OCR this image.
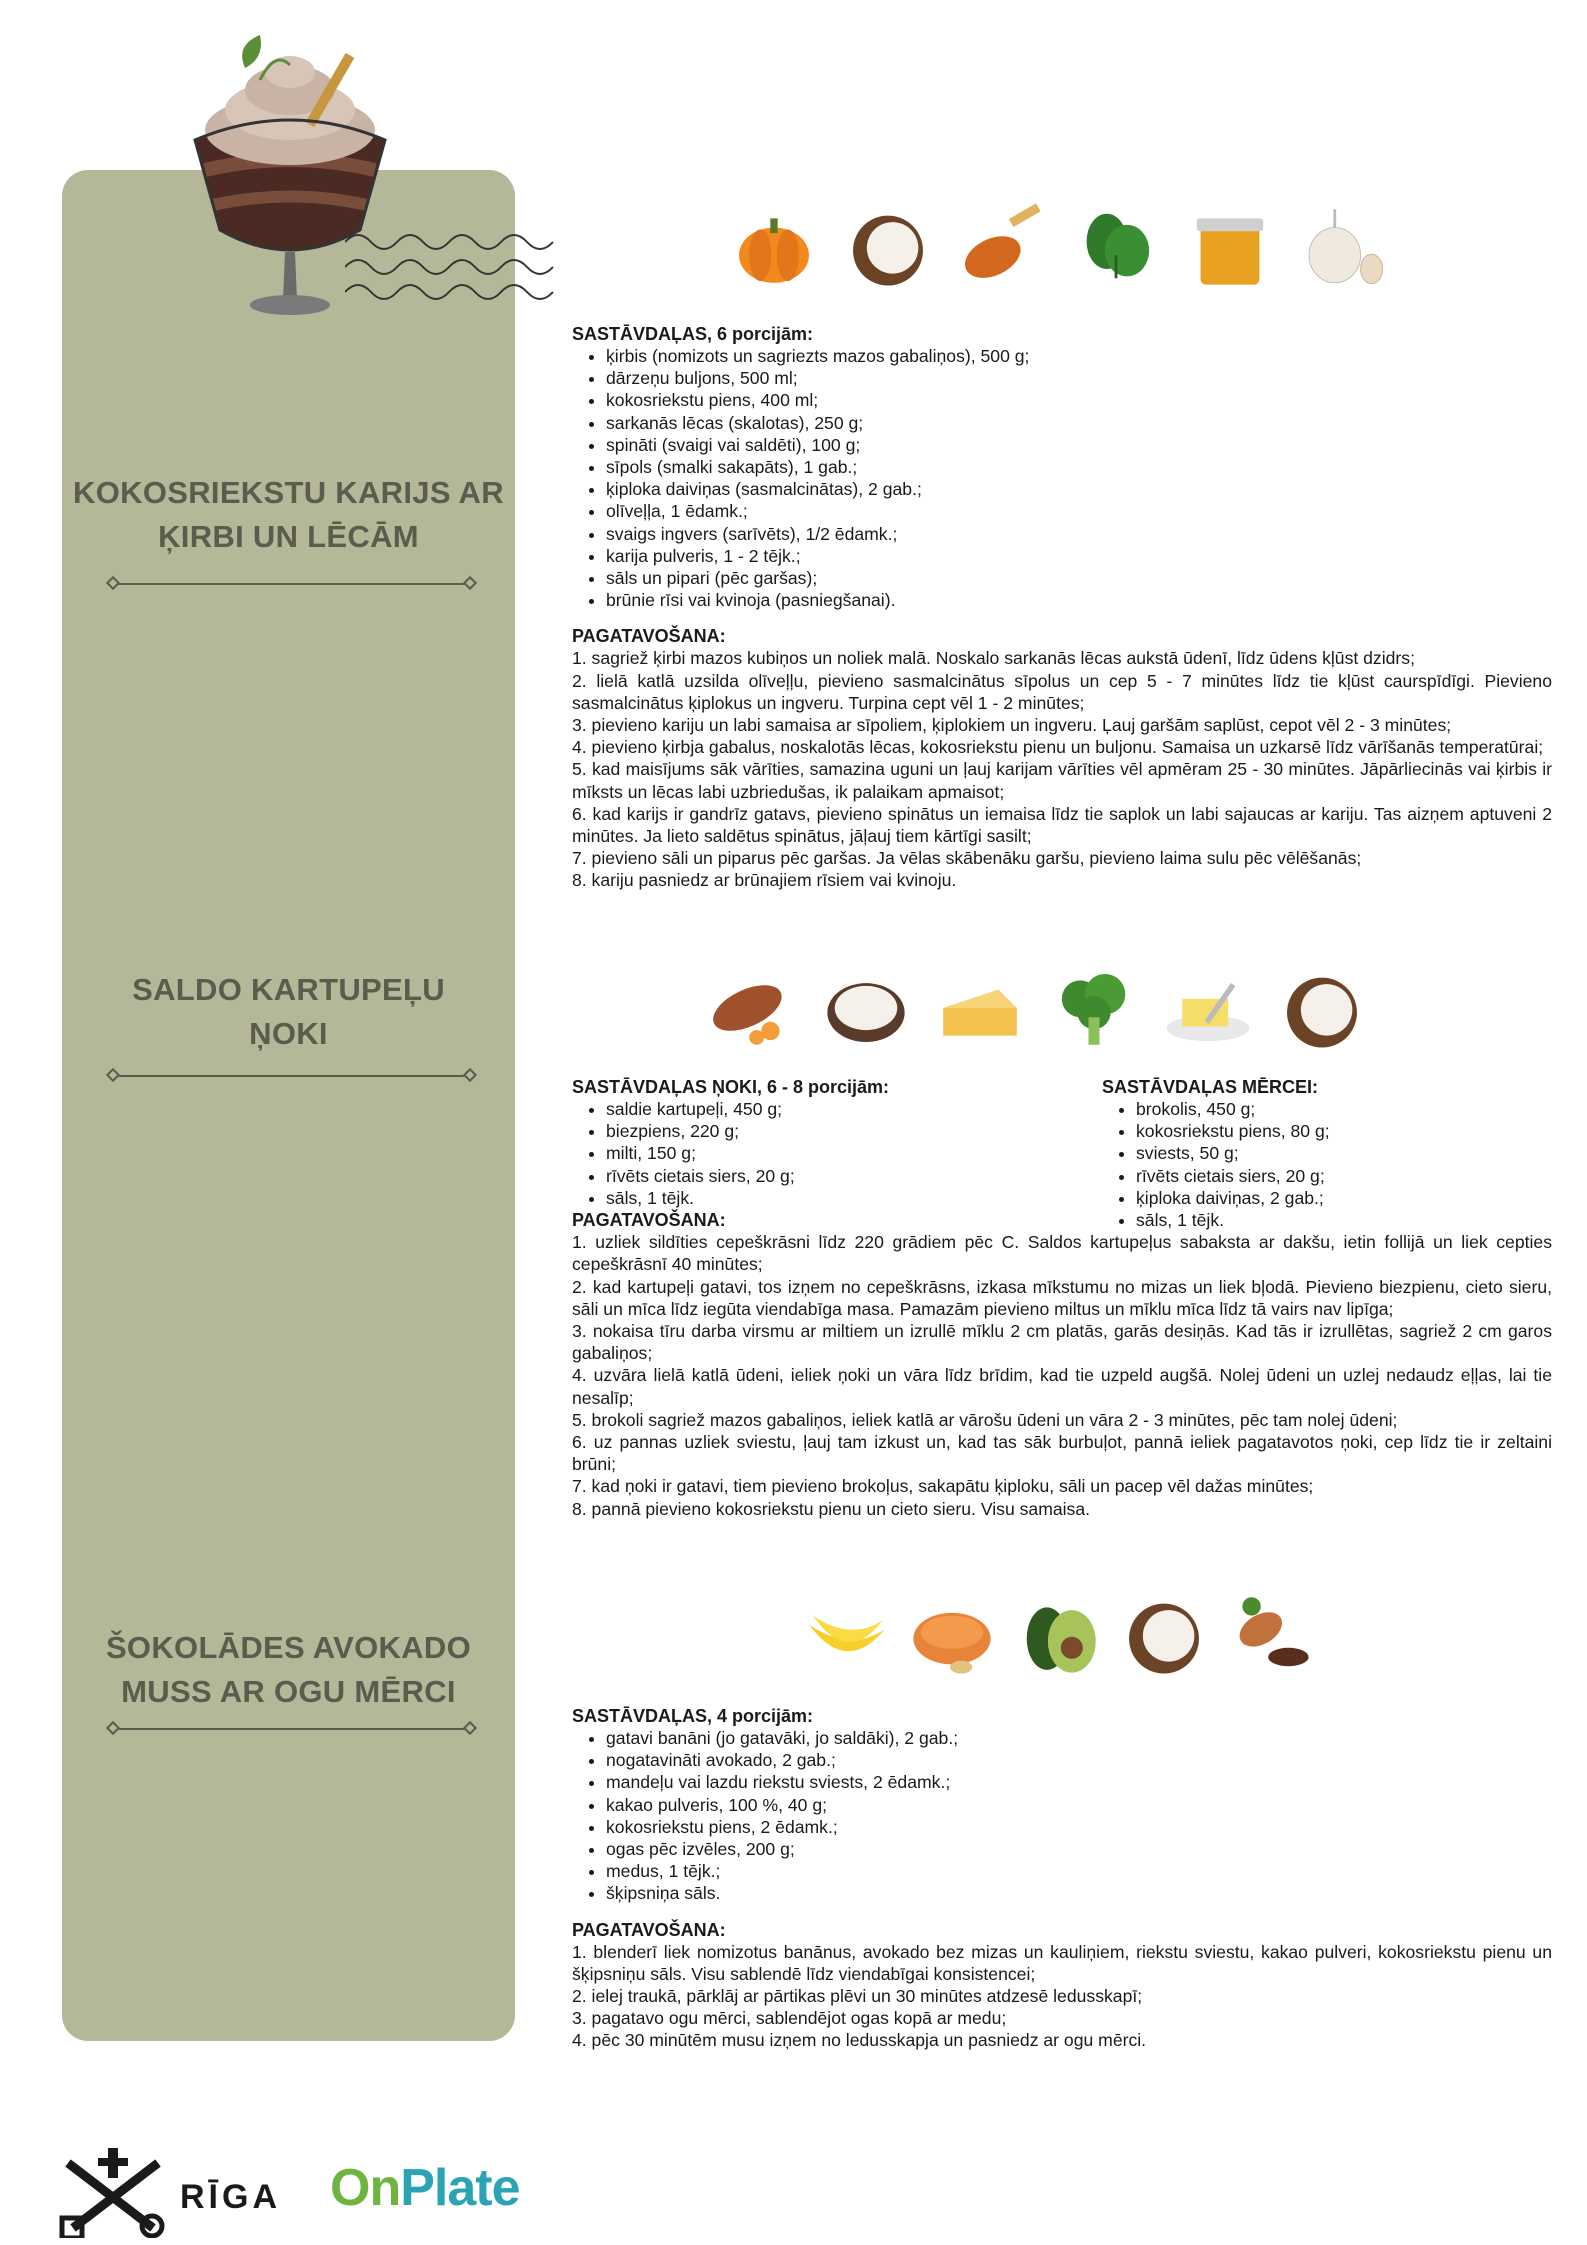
KOKOSRIEKSTU KARIJS AR
ĶIRBI UN LĒCĀM
SALDO KARTUPEĻU
ŅOKI
ŠOKOLĀDES AVOKADO
MUSS AR OGU MĒRCI
SASTĀVDAĻAS, 6 porcijām:
• ķirbis (nomizots un sagriezts mazos gabaliņos), 500 g;
• dārzeņu buljons, 500 ml;
• kokosriekstu piens, 400 ml;
• sarkanās lēcas (skalotas), 250 g;
• spināti (svaigi vai saldēti), 100 g;
• sīpols (smalki sakapāts), 1 gab.;
• ķiploka daiviņas (sasmalcinātas), 2 gab.;
• olīveļļa, 1 ēdamk.;
• svaigs ingvers (sarīvēts), 1/2 ēdamk.;
• karija pulveris, 1 - 2 tējk.;
• sāls un pipari (pēc garšas);
• brūnie rīsi vai kvinoja (pasniegšanai).
PAGATAVOŠANA:

1. sagriež ķirbi mazos kubiņos un noliek malā. Noskalo sarkanās lēcas aukstā ūdenī, līdz ūdens kļūst dzidrs;

2. lielā katlā uzsilda olīveļļu, pievieno sasmalcinātus sīpolus un cep 5 - 7 minūtes līdz tie kļūst caurspīdīgi. Pievieno sasmalcinātus ķiplokus un ingveru. Turpina cept vēl 1 - 2 minūtes;

3. pievieno kariju un labi samaisa ar sīpoliem, ķiplokiem un ingveru. Ļauj garšām saplūst, cepot vēl 2 - 3 minūtes;

4. pievieno ķirbja gabalus, noskalotās lēcas, kokosriekstu pienu un buljonu. Samaisa un uzkarsē līdz vārīšanās temperatūrai;

5. kad maisījums sāk vārīties, samazina uguni un ļauj karijam vārīties vēl apmēram 25 - 30 minūtes. Jāpārliecinās vai ķirbis ir mīksts un lēcas labi uzbriedušas, ik palaikam apmaisot;

6. kad karijs ir gandrīz gatavs, pievieno spinātus un iemaisa līdz tie saplok un labi sajaucas ar kariju. Tas aizņem aptuveni 2 minūtes. Ja lieto saldētus spinātus, jāļauj tiem kārtīgi sasilt;

7. pievieno sāli un piparus pēc garšas. Ja vēlas skābenāku garšu, pievieno laima sulu pēc vēlēšanās;

8. kariju pasniedz ar brūnajiem rīsiem vai kvinoju.

SASTĀVDAĻAS ŅOKI, 6 - 8 porcijām:
• saldie kartupeļi, 450 g;
• biezpiens, 220 g;
• milti, 150 g;
• rīvēts cietais siers, 20 g;
• sāls, 1 tējk.
SASTĀVDAĻAS MĒRCEI:
• brokolis, 450 g;
• kokosriekstu piens, 80 g;
• sviests, 50 g;
• rīvēts cietais siers, 20 g;
• ķiploka daiviņas, 2 gab.;
• sāls, 1 tējk.
PAGATAVOŠANA:

1. uzliek sildīties cepeškrāsni līdz 220 grādiem pēc C. Saldos kartupeļus sabaksta ar dakšu, ietin follijā un liek cepties cepeškrāsnī 40 minūtes;

2. kad kartupeļi gatavi, tos izņem no cepeškrāsns, izkasa mīkstumu no mizas un liek bļodā. Pievieno biezpienu, cieto sieru, sāli un mīca līdz iegūta viendabīga masa. Pamazām pievieno miltus un mīklu mīca līdz tā vairs nav lipīga;

3. nokaisa tīru darba virsmu ar miltiem un izrullē mīklu 2 cm platās, garās desiņās. Kad tās ir izrullētas, sagriež 2 cm garos gabaliņos;

4. uzvāra lielā katlā ūdeni, ieliek ņoki un vāra līdz brīdim, kad tie uzpeld augšā. Nolej ūdeni un uzlej nedaudz eļļas, lai tie nesalīp;

5. brokoli sagriež mazos gabaliņos, ieliek katlā ar vārošu ūdeni un vāra 2 - 3 minūtes, pēc tam nolej ūdeni;

6. uz pannas uzliek sviestu, ļauj tam izkust un, kad tas sāk burbuļot, pannā ieliek pagatavotos ņoki, cep līdz tie ir zeltaini brūni;

7. kad ņoki ir gatavi, tiem pievieno brokoļus, sakapātu ķiploku, sāli un pacep vēl dažas minūtes;

8. pannā pievieno kokosriekstu pienu un cieto sieru. Visu samaisa.

SASTĀVDAĻAS, 4 porcijām:
• gatavi banāni (jo gatavāki, jo saldāki), 2 gab.;
• nogatavināti avokado, 2 gab.;
• mandeļu vai lazdu riekstu sviests, 2 ēdamk.;
• kakao pulveris, 100 %, 40 g;
• kokosriekstu piens, 2 ēdamk.;
• ogas pēc izvēles, 200 g;
• medus, 1 tējk.;
• šķipsniņa sāls.
PAGATAVOŠANA:

1. blenderī liek nomizotus banānus, avokado bez mizas un kauliņiem, riekstu sviestu, kakao pulveri, kokosriekstu pienu un šķipsniņu sāls. Visu sablendē līdz viendabīgai konsistencei;

2. ielej traukā, pārklāj ar pārtikas plēvi un 30 minūtes atdzesē ledusskapī;

3. pagatavo ogu mērci, sablendējot ogas kopā ar medu;

4. pēc 30 minūtēm musu izņem no ledusskapja un pasniedz ar ogu mērci.

RĪGA OnPlate
